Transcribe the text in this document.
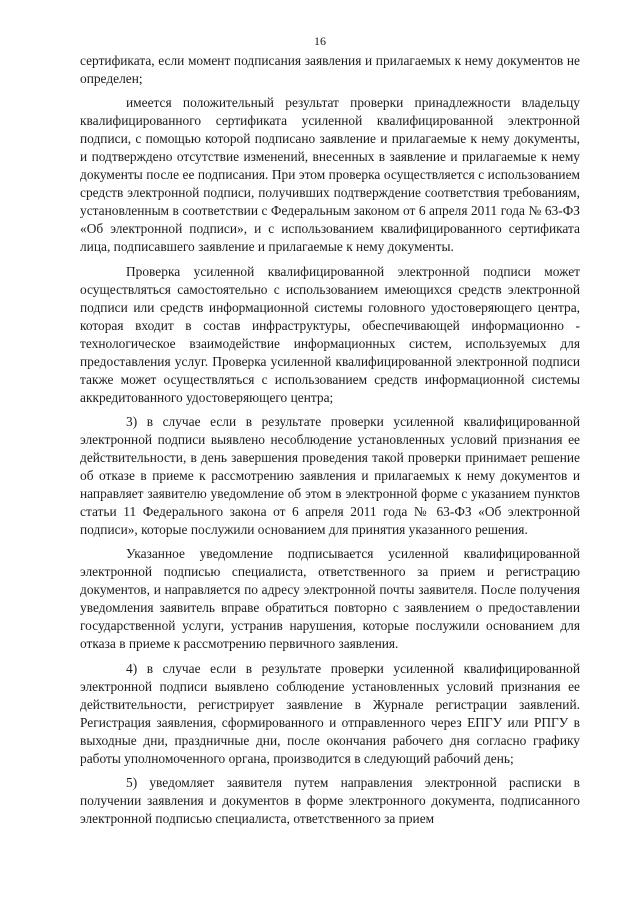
16

сертификата, если момент подписания заявления и прилагаемых к нему документов не определен;

имеется положительный результат проверки принадлежности владельцу квалифицированного сертификата усиленной квалифицированной электронной подписи, с помощью которой подписано заявление и прилагаемые к нему документы, и подтверждено отсутствие изменений, внесенных в заявление и прилагаемые к нему документы после ее подписания. При этом проверка осуществляется с использованием средств электронной подписи, получивших подтверждение соответствия требованиям, установленным в соответствии с Федеральным законом от 6 апреля 2011 года № 63-ФЗ «Об электронной подписи», и с использованием квалифицированного сертификата лица, подписавшего заявление и прилагаемые к нему документы.

Проверка усиленной квалифицированной электронной подписи может осуществляться самостоятельно с использованием имеющихся средств электронной подписи или средств информационной системы головного удостоверяющего центра, которая входит в состав инфраструктуры, обеспечивающей информационно - технологическое взаимодействие информационных систем, используемых для предоставления услуг. Проверка усиленной квалифицированной электронной подписи также может осуществляться с использованием средств информационной системы аккредитованного удостоверяющего центра;

3) в случае если в результате проверки усиленной квалифицированной электронной подписи выявлено несоблюдение установленных условий признания ее действительности, в день завершения проведения такой проверки принимает решение об отказе в приеме к рассмотрению заявления и прилагаемых к нему документов и направляет заявителю уведомление об этом в электронной форме с указанием пунктов статьи 11 Федерального закона от 6 апреля 2011 года № 63-ФЗ «Об электронной подписи», которые послужили основанием для принятия указанного решения.

Указанное уведомление подписывается усиленной квалифицированной электронной подписью специалиста, ответственного за прием и регистрацию документов, и направляется по адресу электронной почты заявителя. После получения уведомления заявитель вправе обратиться повторно с заявлением о предоставлении государственной услуги, устранив нарушения, которые послужили основанием для отказа в приеме к рассмотрению первичного заявления.

4) в случае если в результате проверки усиленной квалифицированной электронной подписи выявлено соблюдение установленных условий признания ее действительности, регистрирует заявление в Журнале регистрации заявлений. Регистрация заявления, сформированного и отправленного через ЕПГУ или РПГУ в выходные дни, праздничные дни, после окончания рабочего дня согласно графику работы уполномоченного органа, производится в следующий рабочий день;

5) уведомляет заявителя путем направления электронной расписки в получении заявления и документов в форме электронного документа, подписанного электронной подписью специалиста, ответственного за прием
